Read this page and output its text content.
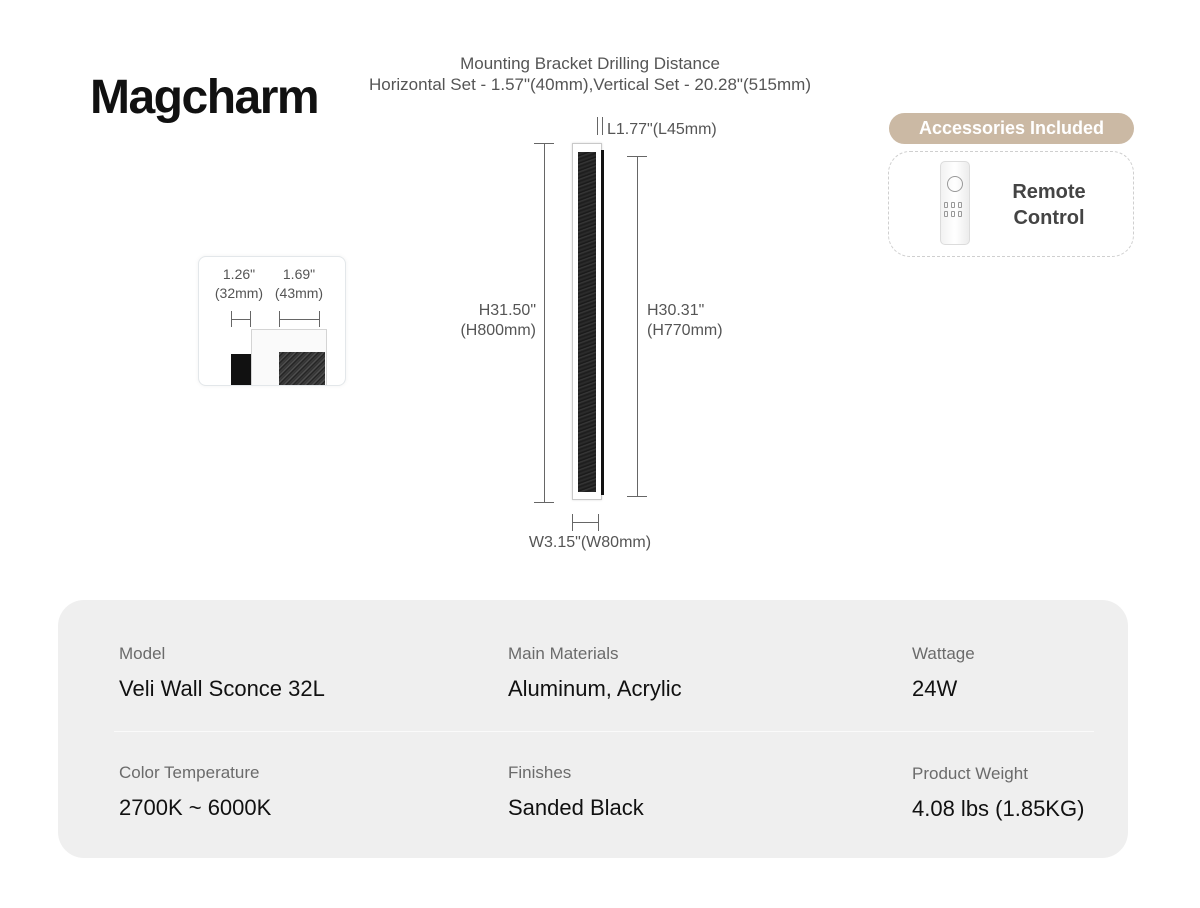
Magcharm
Mounting Bracket Drilling Distance
Horizontal Set - 1.57"(40mm),Vertical Set - 20.28"(515mm)
L1.77"(L45mm)
H31.50"
(H800mm)
H30.31"
(H770mm)
W3.15"(W80mm)
1.26"
(32mm)
1.69"
(43mm)
Accessories Included
Remote
Control
Model
Veli Wall Sconce 32L
Main Materials
Aluminum, Acrylic
Wattage
24W
Color Temperature
2700K ~ 6000K
Finishes
Sanded Black
Product Weight
4.08 lbs (1.85KG)
